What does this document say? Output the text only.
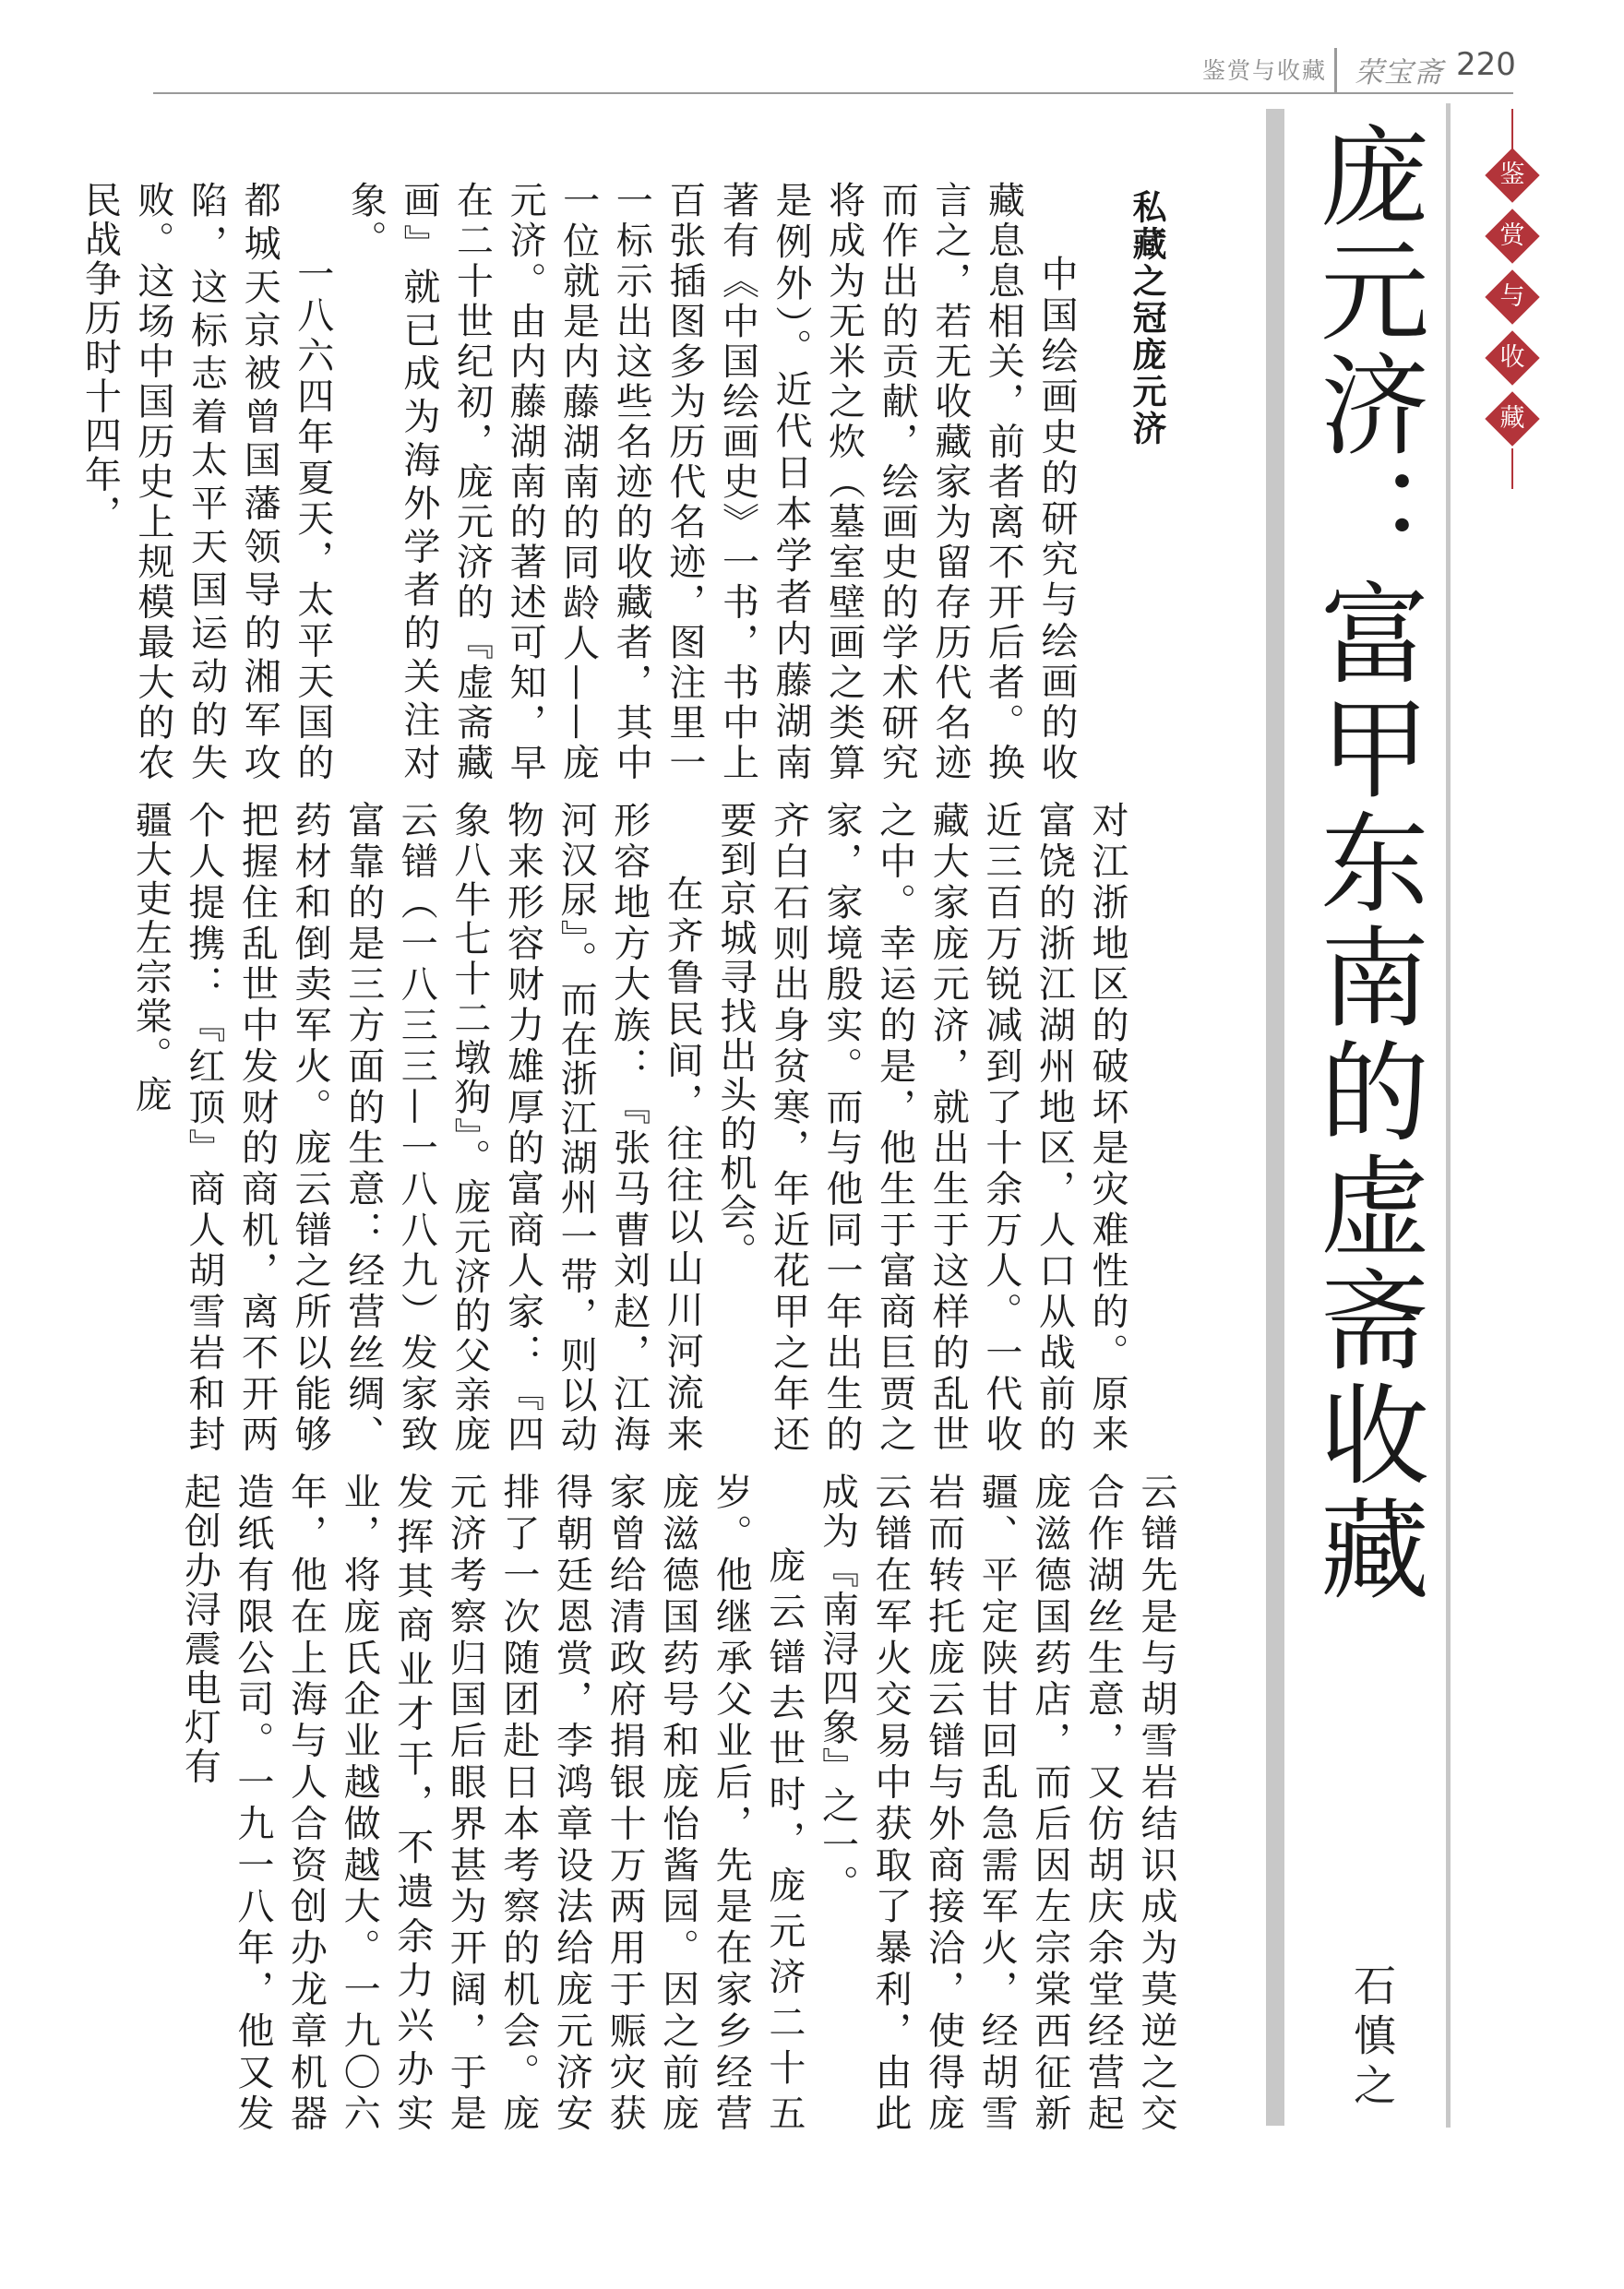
鉴赏与收藏 荣宝斋 220
鉴
赏
与
收
藏
庞元济：富甲东南的虚斋收藏
石慎之
私藏之冠庞元济

中国绘画史的研究与绘画的收藏息息相关，前者离不开后者。换言之，若无收藏家为留存历代名迹而作出的贡献，绘画史的学术研究将成为无米之炊（墓室壁画之类算是例外）。近代日本学者内藤湖南著有《中国绘画史》一书，书中上百张插图多为历代名迹，图注里一一标示出这些名迹的收藏者，其中一位就是内藤湖南的同龄人——庞元济。由内藤湖南的著述可知，早在二十世纪初，庞元济的『虚斋藏画』就已成为海外学者的关注对象。

一八六四年夏天，太平天国的都城天京被曾国藩领导的湘军攻陷，这标志着太平天国运动的失败。这场中国历史上规模最大的农民战争历时十四年，

对江浙地区的破坏是灾难性的。原来富饶的浙江湖州地区，人口从战前的近三百万锐减到了十余万人。一代收藏大家庞元济，就出生于这样的乱世之中。幸运的是，他生于富商巨贾之家，家境殷实。而与他同一年出生的齐白石则出身贫寒，年近花甲之年还要到京城寻找出头的机会。

在齐鲁民间，往往以山川河流来形容地方大族：『张马曹刘赵，江海河汉尿』。而在浙江湖州一带，则以动物来形容财力雄厚的富商人家：『四象八牛七十二墩狗』。庞元济的父亲庞云镨（一八三三—一八八九）发家致富靠的是三方面的生意：经营丝绸、药材和倒卖军火。庞云镨之所以能够把握住乱世中发财的商机，离不开两个人提携：『红顶』商人胡雪岩和封疆大吏左宗棠。庞

云镨先是与胡雪岩结识成为莫逆之交合作湖丝生意，又仿胡庆余堂经营起庞滋德国药店，而后因左宗棠西征新疆、平定陕甘回乱急需军火，经胡雪岩而转托庞云镨与外商接洽，使得庞云镨在军火交易中获取了暴利，由此成为『南浔四象』之一。

庞云镨去世时，庞元济二十五岁。他继承父业后，先是在家乡经营庞滋德国药号和庞怡酱园。因之前庞家曾给清政府捐银十万两用于赈灾获得朝廷恩赏，李鸿章设法给庞元济安排了一次随团赴日本考察的机会。庞元济考察归国后眼界甚为开阔，于是发挥其商业才干，不遗余力兴办实业，将庞氏企业越做越大。一九〇六年，他在上海与人合资创办龙章机器造纸有限公司。一九一八年，他又发起创办浔震电灯有
